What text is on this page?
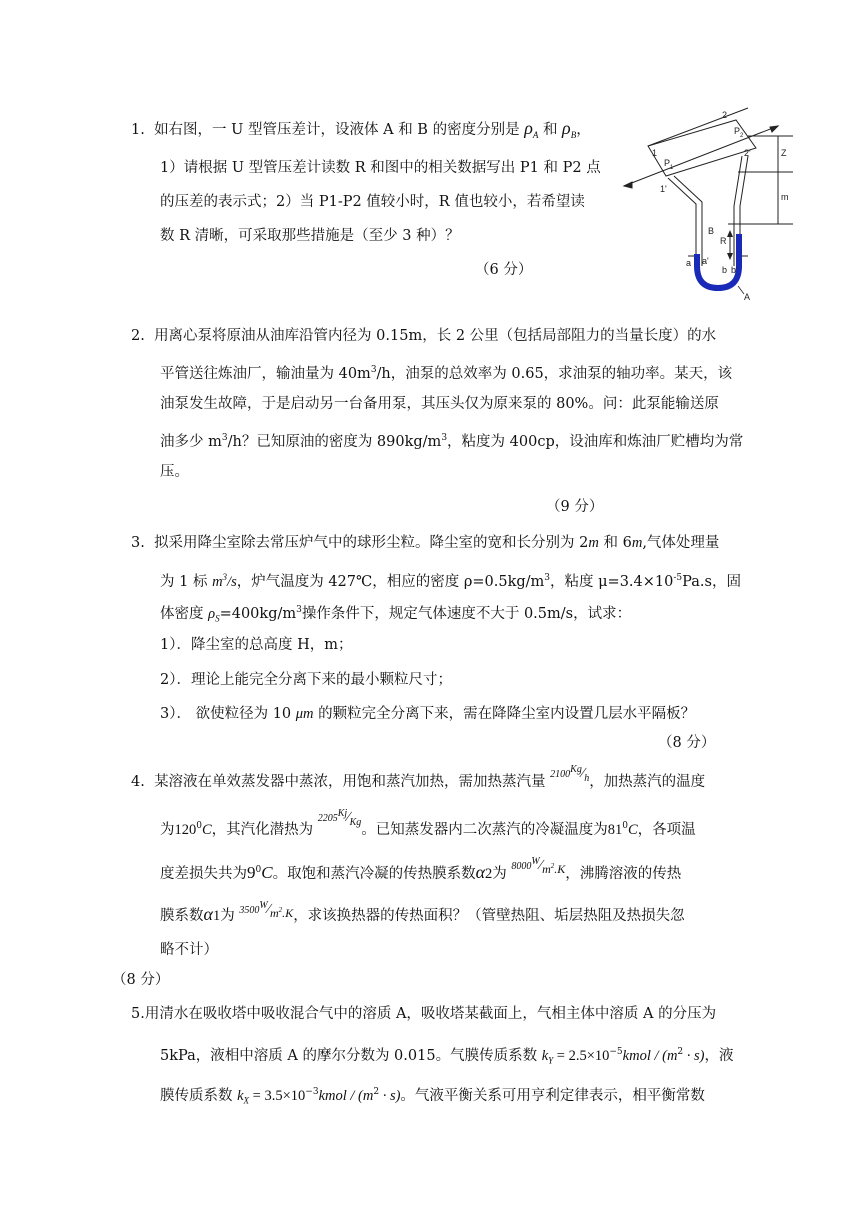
1. 如右图，一 U 型管压差计，设液体 A 和 B 的密度分别是 $\rho_A$ 和 $\rho_B$，
1）请根据 U 型管压差计读数 R 和图中的相关数据写出 P1 和 P2 点
的压差的表示式；2）当 P1-P2 值较小时，R 值也较小，若希望读
数 R 清晰，可采取那些措施是（至少 3 种）？
（6 分）
2
P 2
2'	Z
1
P 1
1'
m
B
R
a a'
b b'
A
2. 用离心泵将原油从油库沿管内径为 0.15m，长 2 公里（包括局部阻力的当量长度）的水
平管送往炼油厂，输油量为 $40m^3/h$，油泵的总效率为 0.65，求油泵的轴功率。某天，该
油泵发生故障，于是启动另一台备用泵，其压头仅为原来泵的 80%。问：此泵能输送原
油多少 $m^3/h$？已知原油的密度为 $890kg/m^3$，粘度为 400cp，设油库和炼油厂贮槽均为常
压。
（9 分）
3. 拟采用降尘室除去常压炉气中的球形尘粒。降尘室的宽和长分别为 2m 和 6m,气体处理量
为 1 标 $m^3/s$，炉气温度为 427℃，相应的密度 $\rho=0.5kg/m^3$，粘度 $\mu=3.4\times 10^{-5}Pa.s$，固
体密度 $\rho_S=400kg/m^3$操作条件下，规定气体速度不大于 0.5m/s，试求：
1）．降尘室的总高度 H，m；
2）．理论上能完全分离下来的最小颗粒尺寸；
3）． 欲使粒径为 10 μm 的颗粒完全分离下来，需在降降尘室内设置几层水平隔板？
（8 分）
4. 某溶液在单效蒸发器中蒸浓，用饱和蒸汽加热，需加热蒸汽量 2100Kg∕h，加热蒸汽的温度
为$120^0C$，其汽化潜热为 2205Kj∕Kg。已知蒸发器内二次蒸汽的冷凝温度为$81^0C$，各项温
度差损失共为$9^0C$。取饱和蒸汽冷凝的传热膜系数α2为 $8000W∕m^2.K$，沸腾溶液的传热
膜系数α1为 $3500W∕m^2.K$，求该换热器的传热面积？（管壁热阻、垢层热阻及热损失忽
略不计）
（8 分）
5.用清水在吸收塔中吸收混合气中的溶质 A，吸收塔某截面上，气相主体中溶质 A 的分压为
5kPa，液相中溶质 A 的摩尔分数为 0.015。气膜传质系数 $k_Y$ = $2.5\times 10^{-5}kmol / (m^2 \cdot s)$，液
膜传质系数 $k_X$ = $3.5\times 10^{-3}kmol / (m^2 \cdot s)$。气液平衡关系可用亨利定律表示，相平衡常数
